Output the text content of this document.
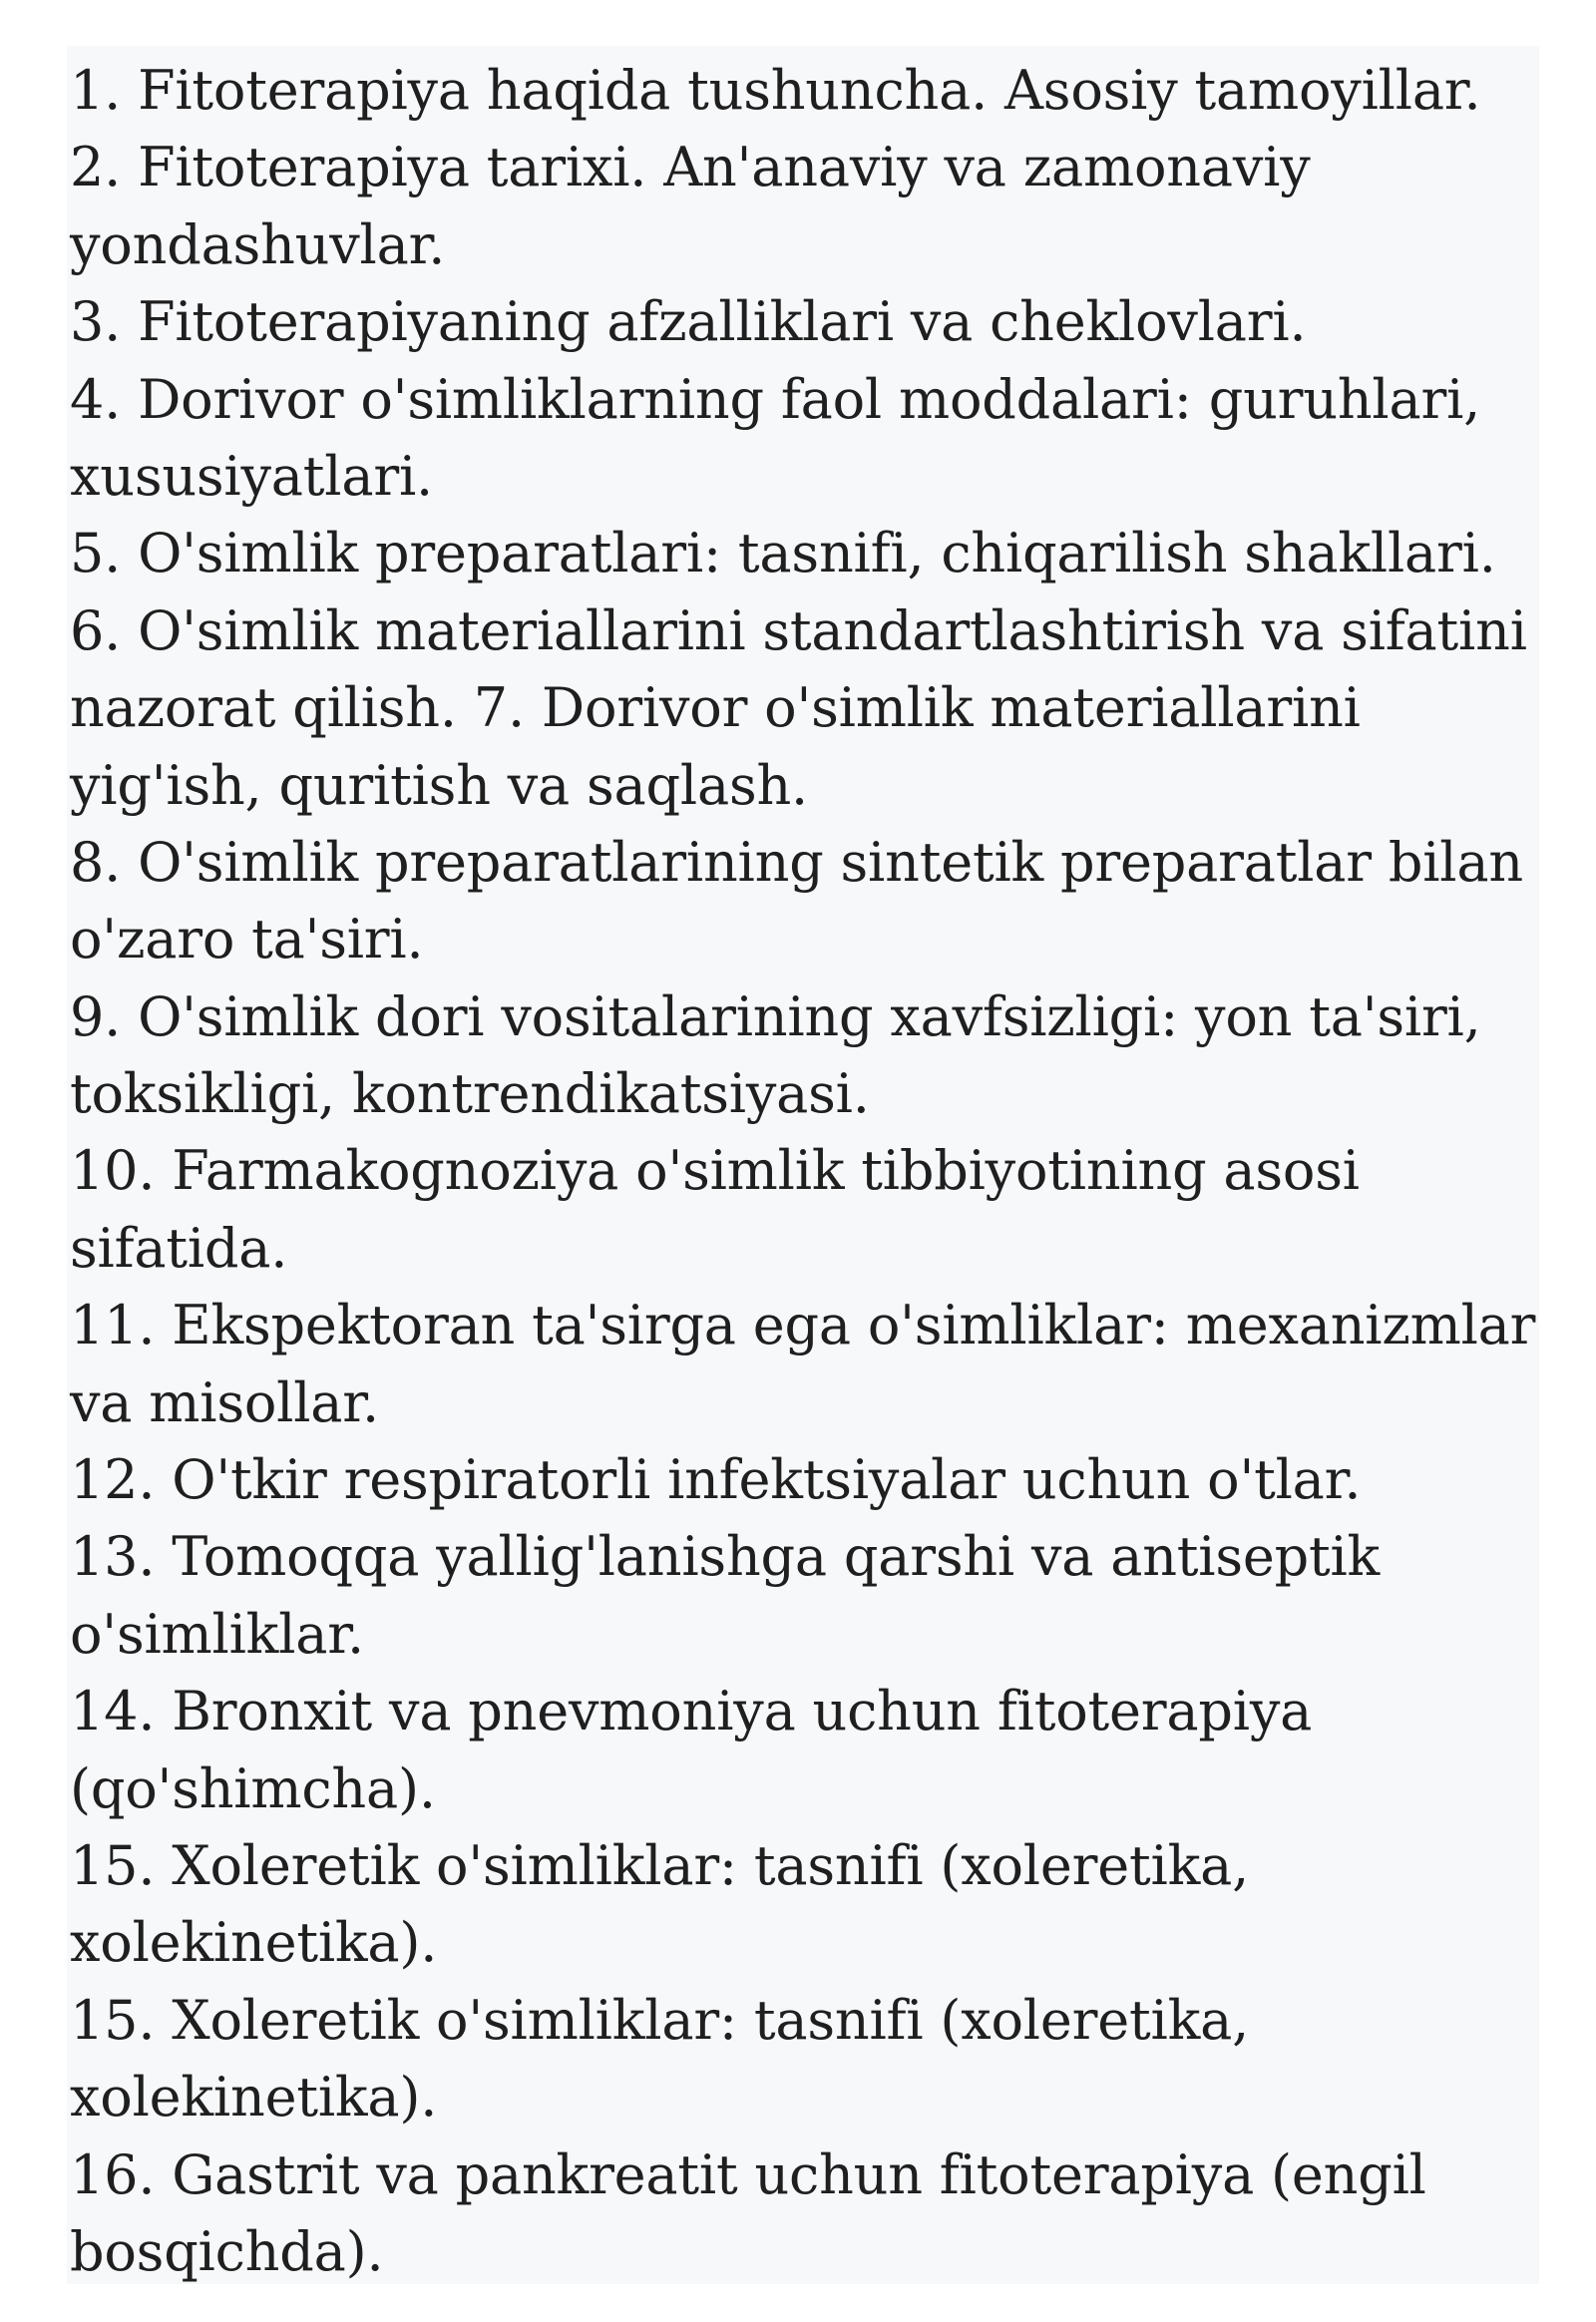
1. Fitoterapiya haqida tushuncha. Asosiy tamoyillar.
2. Fitoterapiya tarixi. An'anaviy va zamonaviy
yondashuvlar.
3. Fitoterapiyaning afzalliklari va cheklovlari.
4. Dorivor o'simliklarning faol moddalari: guruhlari,
xususiyatlari.
5. O'simlik preparatlari: tasnifi, chiqarilish shakllari.
6. O'simlik materiallarini standartlashtirish va sifatini
nazorat qilish. 7. Dorivor o'simlik materiallarini
yig'ish, quritish va saqlash.
8. O'simlik preparatlarining sintetik preparatlar bilan
o'zaro ta'siri.
9. O'simlik dori vositalarining xavfsizligi: yon ta'siri,
toksikligi, kontrendikatsiyasi.
10. Farmakognoziya o'simlik tibbiyotining asosi
sifatida.
11. Ekspektoran ta'sirga ega o'simliklar: mexanizmlar
va misollar.
12. O'tkir respiratorli infektsiyalar uchun o'tlar.
13. Tomoqqa yallig'lanishga qarshi va antiseptik
o'simliklar.
14. Bronxit va pnevmoniya uchun fitoterapiya
(qo'shimcha).
15. Xoleretik o'simliklar: tasnifi (xoleretika,
xolekinetika).
15. Xoleretik o'simliklar: tasnifi (xoleretika,
xolekinetika).
16. Gastrit va pankreatit uchun fitoterapiya (engil
bosqichda).
